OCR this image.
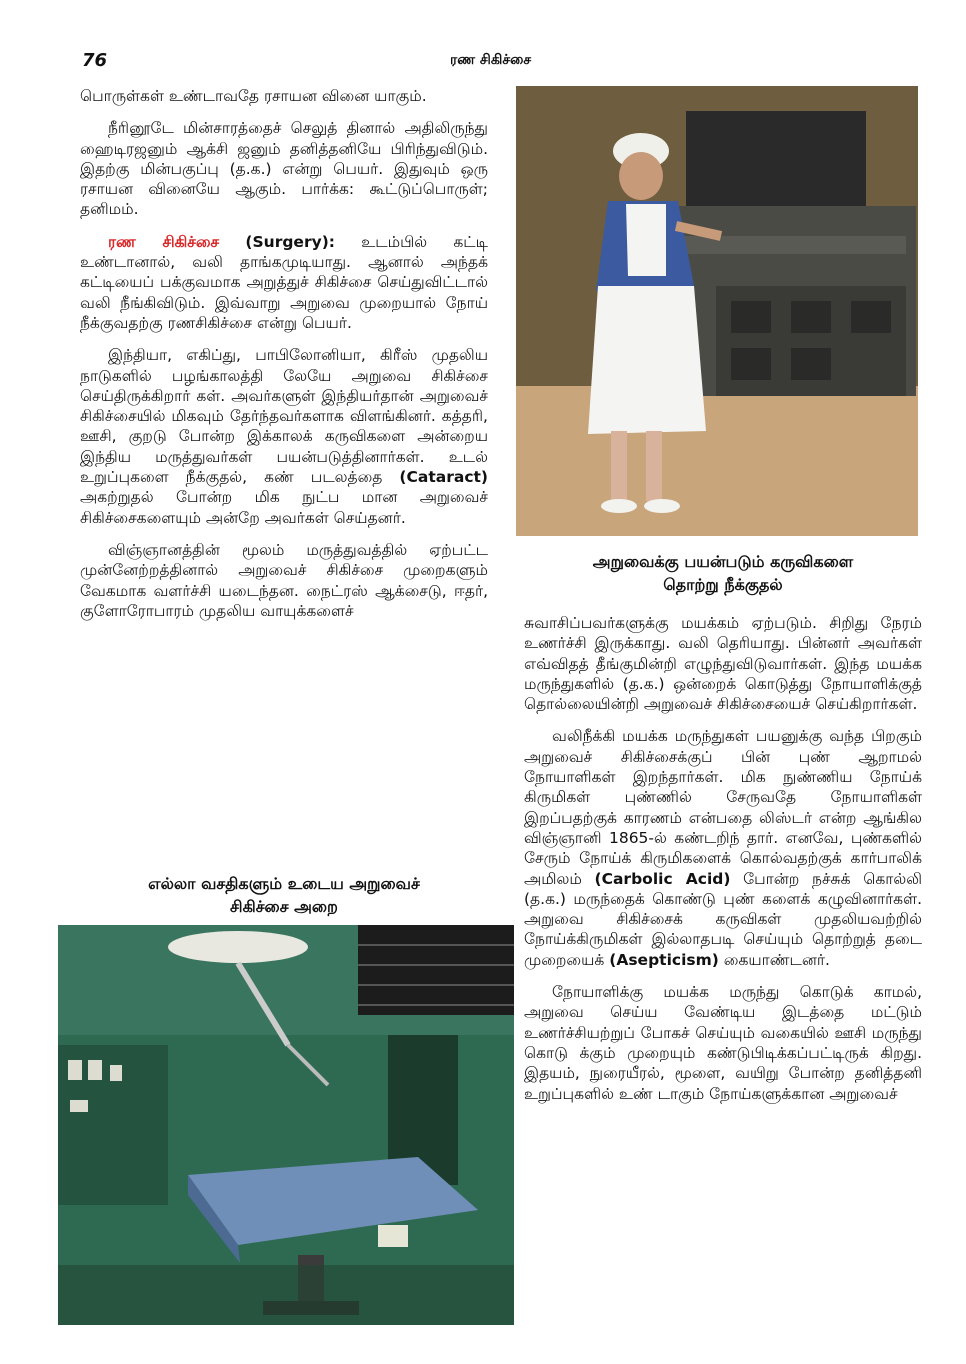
76	ரண சிகிச்சை

பொருள்கள் உண்டாவதே ரசாயன வினை யாகும்.

நீரினூடே மின்சாரத்தைச் செலுத் தினால் அதிலிருந்து ஹைடிரஜனும் ஆக்சி ஜனும் தனித்தனியே பிரிந்துவிடும். இதற்கு மின்பகுப்பு (த.க.) என்று பெயர். இதுவும் ஒரு ரசாயன வினையே ஆகும். பார்க்க: கூட்டுப்பொருள்; தனிமம்.

ரண சிகிச்சை (Surgery): உடம்பில் கட்டி உண்டானால், வலி தாங்கமுடியாது. ஆனால் அந்தக் கட்டியைப் பக்குவமாக அறுத்துச் சிகிச்சை செய்துவிட்டால் வலி நீங்கிவிடும். இவ்வாறு அறுவை முறையால் நோய் நீக்குவதற்கு ரணசிகிச்சை என்று பெயர்.

இந்தியா, எகிப்து, பாபிலோனியா, கிரீஸ் முதலிய நாடுகளில் பழங்காலத்தி லேயே அறுவை சிகிச்சை செய்திருக்கிறார் கள். அவர்களுள் இந்தியர்தான் அறுவைச் சிகிச்சையில் மிகவும் தேர்ந்தவர்களாக விளங்கினர். கத்தரி, ஊசி, குறடு போன்ற இக்காலக் கருவிகளை அன்றைய இந்திய மருத்துவர்கள் பயன்படுத்தினார்கள். உடல் உறுப்புகளை நீக்குதல், கண் படலத்தை (Cataract) அகற்றுதல் போன்ற மிக நுட்ப மான அறுவைச் சிகிச்சைகளையும் அன்றே அவர்கள் செய்தனர்.

விஞ்ஞானத்தின் மூலம் மருத்துவத்தில் ஏற்பட்ட முன்னேற்றத்தினால் அறுவைச் சிகிச்சை முறைகளும் வேகமாக வளர்ச்சி யடைந்தன. நைட்ரஸ் ஆக்சைடு, ஈதர், குளோரோபாரம் முதலிய வாயுக்களைச்

எல்லா வசதிகளும் உடைய அறுவைச்
சிகிச்சை அறை
அறுவைக்கு பயன்படும் கருவிகளை
தொற்று நீக்குதல்

சுவாசிப்பவர்களுக்கு மயக்கம் ஏற்படும். சிறிது நேரம் உணர்ச்சி இருக்காது. வலி தெரியாது. பின்னர் அவர்கள் எவ்விதத் தீங்குமின்றி எழுந்துவிடுவார்கள். இந்த மயக்க மருந்துகளில் (த.க.) ஒன்றைக் கொடுத்து நோயாளிக்குத் தொல்லையின்றி அறுவைச் சிகிச்சையைச் செய்கிறார்கள்.

வலிநீக்கி மயக்க மருந்துகள் பயனுக்கு வந்த பிறகும் அறுவைச் சிகிச்சைக்குப் பின் புண் ஆறாமல் நோயாளிகள் இறந்தார்கள். மிக நுண்ணிய நோய்க் கிருமிகள் புண்ணில் சேருவதே நோயாளிகள் இறப்பதற்குக் காரணம் என்பதை லிஸ்டர் என்ற ஆங்கில விஞ்ஞானி 1865-ல் கண்டறிந் தார். எனவே, புண்களில் சேரும் நோய்க் கிருமிகளைக் கொல்வதற்குக் கார்பாலிக் அமிலம் (Carbolic Acid) போன்ற நச்சுக் கொல்லி (த.க.) மருந்தைக் கொண்டு புண் களைக் கழுவினார்கள். அறுவை சிகிச்சைக் கருவிகள் முதலியவற்றில் நோய்க்கிருமிகள் இல்லாதபடி செய்யும் தொற்றுத் தடை முறையைக் (Asepticism) கையாண்டனர்.

நோயாளிக்கு மயக்க மருந்து கொடுக் காமல், அறுவை செய்ய வேண்டிய இடத்தை மட்டும் உணர்ச்சியற்றுப் போகச் செய்யும் வகையில் ஊசி மருந்து கொடு க்கும் முறையும் கண்டுபிடிக்கப்பட்டிருக் கிறது. இதயம், நுரையீரல், மூளை, வயிறு போன்ற தனித்தனி உறுப்புகளில் உண் டாகும் நோய்களுக்கான அறுவைச்
